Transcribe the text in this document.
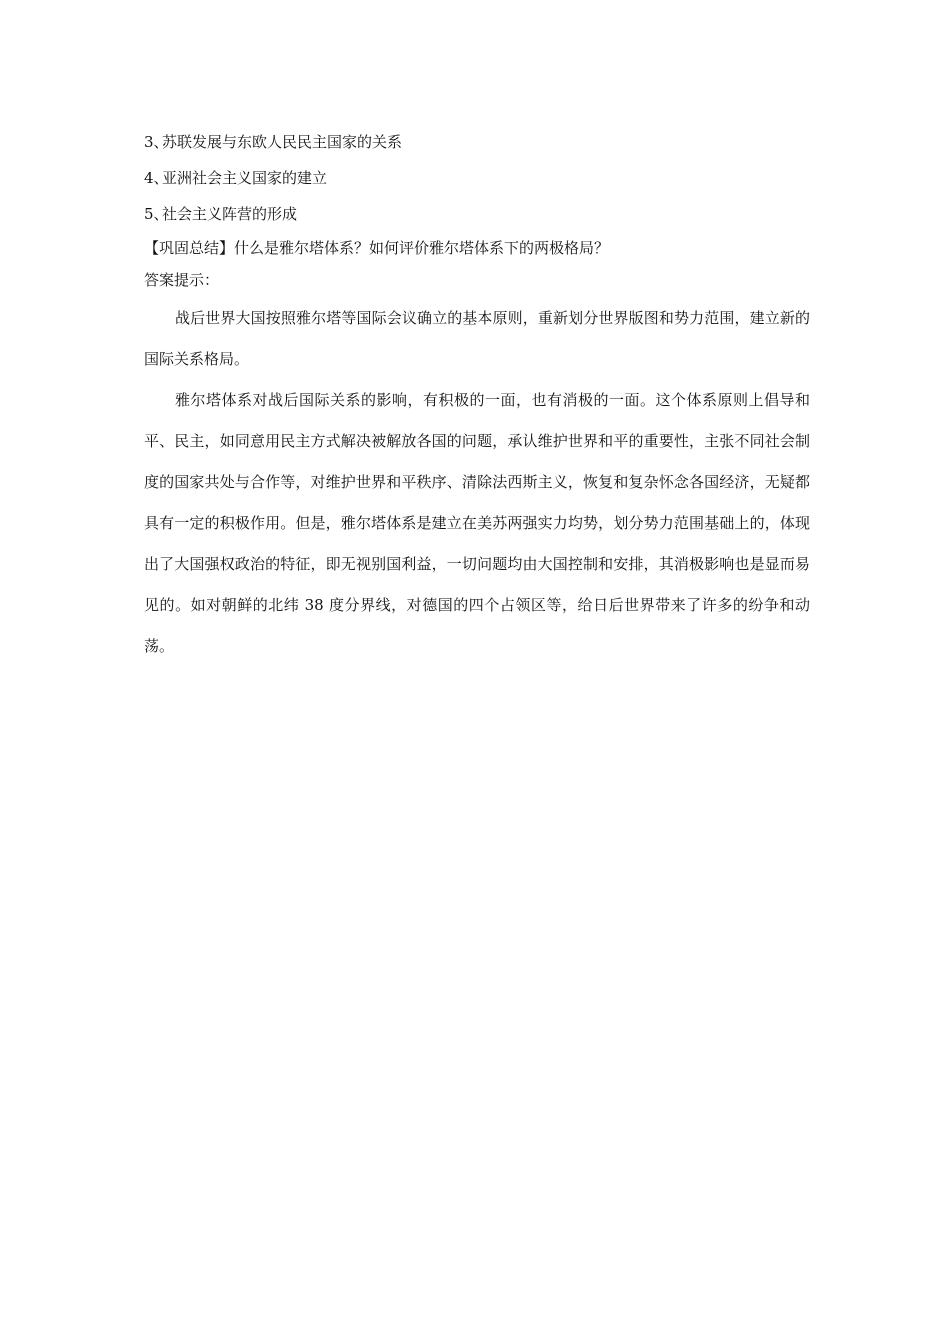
3、苏联发展与东欧人民民主国家的关系
4、亚洲社会主义国家的建立
5、社会主义阵营的形成
【巩固总结】什么是雅尔塔体系？如何评价雅尔塔体系下的两极格局？
答案提示：

战后世界大国按照雅尔塔等国际会议确立的基本原则，重新划分世界版图和势力范围，建立新的国际关系格局。

雅尔塔体系对战后国际关系的影响，有积极的一面，也有消极的一面。这个体系原则上倡导和平、民主，如同意用民主方式解决被解放各国的问题，承认维护世界和平的重要性，主张不同社会制度的国家共处与合作等，对维护世界和平秩序、清除法西斯主义，恢复和复杂怀念各国经济，无疑都具有一定的积极作用。但是，雅尔塔体系是建立在美苏两强实力均势，划分势力范围基础上的，体现出了大国强权政治的特征，即无视别国利益，一切问题均由大国控制和安排，其消极影响也是显而易见的。如对朝鲜的北纬 38 度分界线，对德国的四个占领区等，给日后世界带来了许多的纷争和动荡。
